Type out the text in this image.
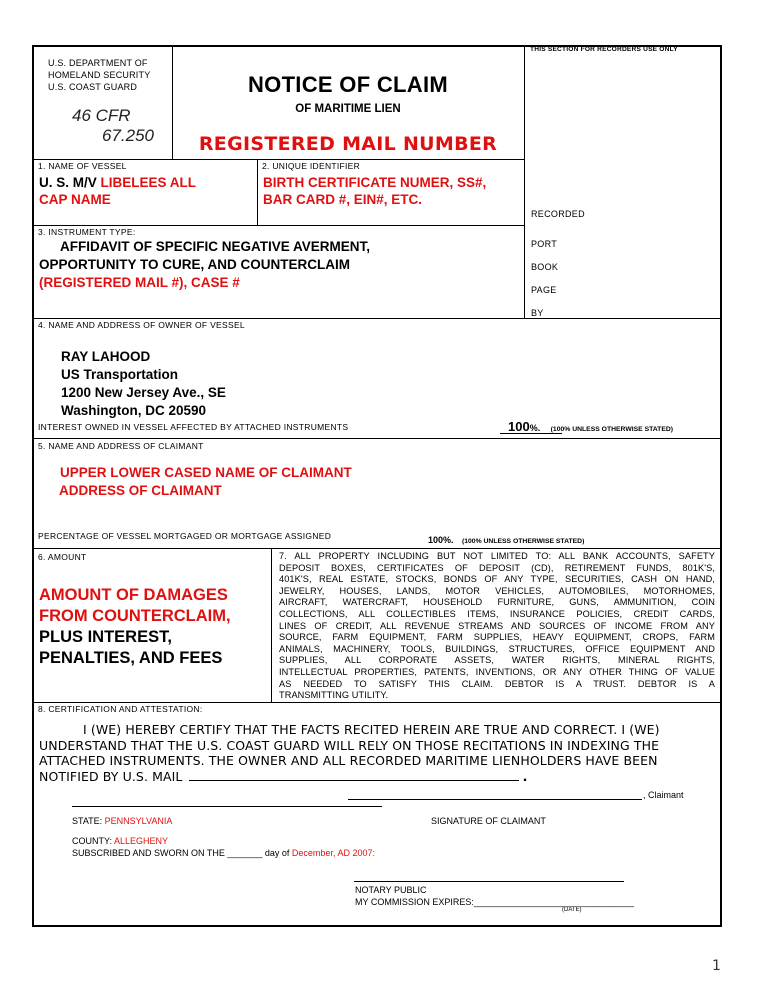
U.S. DEPARTMENT OF
HOMELAND SECURITY
U.S. COAST GUARD
46 CFR
67.250
NOTICE OF CLAIM
OF MARITIME LIEN
REGISTERED MAIL NUMBER
THIS SECTION FOR RECORDERS USE ONLY
RECORDED
PORT
BOOK
PAGE
BY
1. NAME OF VESSEL
U. S. M/V LIBELEES ALL
CAP NAME
2. UNIQUE IDENTIFIER
BIRTH CERTIFICATE NUMER, SS#,
BAR CARD #, EIN#, ETC.
3. INSTRUMENT TYPE:
AFFIDAVIT OF SPECIFIC NEGATIVE AVERMENT,
OPPORTUNITY TO CURE, AND COUNTERCLAIM
(REGISTERED MAIL #), CASE #
4. NAME AND ADDRESS OF OWNER OF VESSEL
RAY LAHOOD
US Transportation
1200 New Jersey Ave., SE
Washington, DC 20590
INTEREST OWNED IN VESSEL AFFECTED BY ATTACHED INSTRUMENTS	100%. (100% UNLESS OTHERWISE STATED)
5. NAME AND ADDRESS OF CLAIMANT
UPPER LOWER CASED NAME OF CLAIMANT
ADDRESS OF CLAIMANT
PERCENTAGE OF VESSEL MORTGAGED OR MORTGAGE ASSIGNED	100%. (100% UNLESS OTHERWISE STATED)
6. AMOUNT
AMOUNT OF DAMAGES
FROM COUNTERCLAIM,
PLUS INTEREST,
PENALTIES, AND FEES
7. ALL PROPERTY INCLUDING BUT NOT LIMITED TO: ALL BANK ACCOUNTS, SAFETY
DEPOSIT BOXES, CERTIFICATES OF DEPOSIT (CD), RETIREMENT FUNDS, 801K'S,
401K'S, REAL ESTATE, STOCKS, BONDS OF ANY TYPE, SECURITIES, CASH ON HAND,
JEWELRY, HOUSES, LANDS, MOTOR VEHICLES, AUTOMOBILES, MOTORHOMES,
AIRCRAFT, WATERCRAFT, HOUSEHOLD FURNITURE, GUNS, AMMUNITION, COIN
COLLECTIONS, ALL COLLECTIBLES ITEMS, INSURANCE POLICIES, CREDIT CARDS,
LINES OF CREDIT, ALL REVENUE STREAMS AND SOURCES OF INCOME FROM ANY
SOURCE, FARM EQUIPMENT, FARM SUPPLIES, HEAVY EQUIPMENT, CROPS, FARM
ANIMALS, MACHINERY, TOOLS, BUILDINGS, STRUCTURES, OFFICE EQUIPMENT AND
SUPPLIES, ALL CORPORATE ASSETS, WATER RIGHTS, MINERAL RIGHTS,
INTELLECTUAL PROPERTIES, PATENTS, INVENTIONS, OR ANY OTHER THING OF VALUE
AS NEEDED TO SATISFY THIS CLAIM. DEBTOR IS A TRUST. DEBTOR IS A
TRANSMITTING UTILITY.
8. CERTIFICATION AND ATTESTATION:
I (WE) HEREBY CERTIFY THAT THE FACTS RECITED HEREIN ARE TRUE AND CORRECT. I (WE)
UNDERSTAND THAT THE U.S. COAST GUARD WILL RELY ON THOSE RECITATIONS IN INDEXING THE
ATTACHED INSTRUMENTS. THE OWNER AND ALL RECORDED MARITIME LIENHOLDERS HAVE BEEN
NOTIFIED BY U.S. MAIL	.
, Claimant
STATE: PENNSYLVANIA	SIGNATURE OF CLAIMANT
COUNTY: ALLEGHENY
SUBSCRIBED AND SWORN ON THE _______ day of December, AD 2007:
NOTARY PUBLIC
MY COMMISSION EXPIRES:________________________________
(DATE)
1
